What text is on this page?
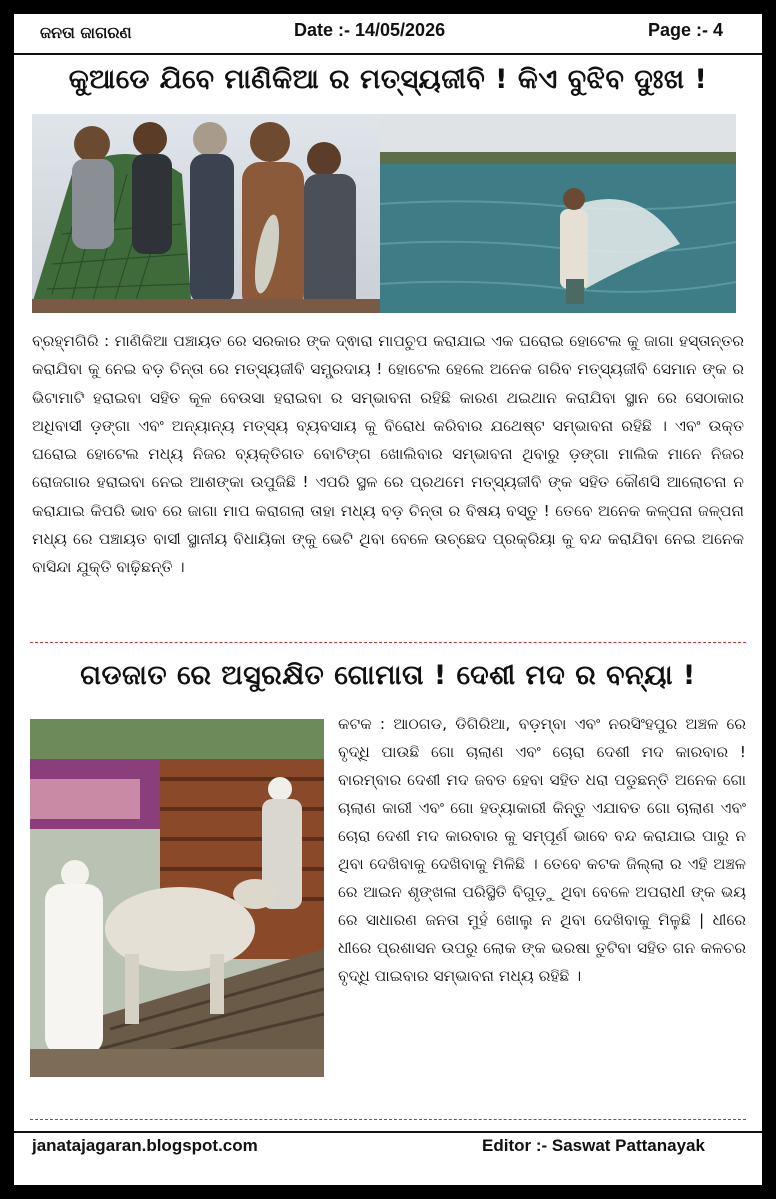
ଜନତା ଜାଗରଣ	Date :- 14/05/2026	Page :- 4
କୁଆଡେ ଯିବେ ମାଣିକିଆ ର ମତ୍ସ୍ୟଜୀବି ! କିଏ ବୁଝିବ ଦୁଃଖ !

ବ୍ରହ୍ମଗିରି : ମାଣିକିଆ ପଞ୍ଚାୟତ ରେ ସରକାର ଙ୍କ ଦ୍ଵାରା ମାପଚୁପ କରାଯାଇ ଏକ ଘରୋଇ ହୋଟେଲ କୁ ଜାଗା ହସ୍ତାନ୍ତର କରାଯିବା କୁ ନେଇ ବଡ଼ ଚିନ୍ତା ରେ ମତ୍ସ୍ୟଜୀବି ସମ୍ପ୍ରଦାୟ ! ହୋଟେଲ ହେଲେ ଅନେକ ଗରିବ ମତ୍ସ୍ୟଜୀବି ସେମାନ ଙ୍କ ର ଭିଟାମାଟି ହରାଇବା ସହିତ କୂଳ ବେଉସା ହରାଇବା ର ସମ୍ଭାବନା ରହିଛି କାରଣ ଥଇଥାନ କରାଯିବା ସ୍ଥାନ ରେ ସେଠାକାର ଅଧିବାସୀ ଡ଼ଙ୍ଗା ଏବଂ ଅନ୍ୟାନ୍ୟ ମତ୍ସ୍ୟ ବ୍ୟବସାୟ କୁ ବିରୋଧ କରିବାର ଯଥେଷ୍ଟ ସମ୍ଭାବନା ରହିଛି । ଏବଂ ଉକ୍ତ ଘରୋଇ ହୋଟେଲ ମଧ୍ୟ ନିଜର ବ୍ୟକ୍ତିଗତ ବୋଟିଙ୍ଗ ଖୋଲିବାର ସମ୍ଭାବନା ଥିବାରୁ ଡ଼ଙ୍ଗା ମାଲିକ ମାନେ ନିଜର ରୋଜଗାର ହରାଇବା ନେଇ ଆଶଙ୍କା ଉପୁଜିଛି ! ଏପରି ସ୍ଥଳ ରେ ପ୍ରଥମେ ମତ୍ସ୍ୟଜୀବି ଙ୍କ ସହିତ କୌଣସି ଆଲୋଚନା ନ କରାଯାଇ କିପରି ଭାବ ରେ ଜାଗା ମାପ କରାଗଲା ତାହା ମଧ୍ୟ ବଡ଼ ଚିନ୍ତା ର ବିଷୟ ବସ୍ତୁ ! ତେବେ ଅନେକ କଳ୍ପନା ଜଳ୍ପନା ମଧ୍ୟ ରେ ପଞ୍ଚାୟତ ବାସୀ ସ୍ଥାନୀୟ ବିଧାୟିକା ଙ୍କୁ ଭେଟି ଥିବା ବେଳେ ଉଚ୍ଛେଦ ପ୍ରକ୍ରିୟା କୁ ବନ୍ଦ କରାଯିବା ନେଇ ଅନେକ ବାସିନ୍ଦା ଯୁକ୍ତି ବାଢ଼ିଛନ୍ତି ।

ଗଡଜାତ ରେ ଅସୁରକ୍ଷିତ ଗୋମାତା ! ଦେଶୀ ମଦ ର ବନ୍ୟା !

କଟକ : ଆଠଗଡ, ଡିଗିରିଆ, ବଡ଼ମ୍ବା ଏବଂ ନରସିଂହପୁର ଅଞ୍ଚଳ ରେ ବୃଦ୍ଧି ପାଉଛି ଗୋ ଚାଲାଣ ଏବଂ ଚୋରା ଦେଶୀ ମଦ କାରବାର ! ବାରମ୍ବାର ଦେଶୀ ମଦ ଜବତ ହେବା ସହିତ ଧରା ପଡୁଛନ୍ତି ଅନେକ ଗୋ ଚାଲାଣ କାରୀ ଏବଂ ଗୋ ହତ୍ୟାକାରୀ କିନ୍ତୁ ଏଯାବତ ଗୋ ଚାଲାଣ ଏବଂ ଚୋରା ଦେଶୀ ମଦ କାରବାର କୁ ସମ୍ପୂର୍ଣ ଭାବେ ବନ୍ଦ କରାଯାଇ ପାରୁ ନ ଥିବା ଦେଖିବାକୁ ଦେଖିବାକୁ ମିଳିଛି । ତେବେ କଟକ ଜିଲ୍ଲା ର ଏହି ଅଞ୍ଚଳ ରେ ଆଇନ ଶୃଙ୍ଖଳା ପରିସ୍ଥିତି ବିଗୁଡ଼ୁ ଥିବା ବେଳେ ଅପରାଧୀ ଙ୍କ ଭୟ ରେ ସାଧାରଣ ଜନତା ମୁହଁ ଖୋଲୁ ନ ଥିବା ଦେଖିବାକୁ ମିଳୁଛି | ଧୀରେ ଧୀରେ ପ୍ରଶାସନ ଉପରୁ ଲୋକ ଙ୍କ ଭରଷା ତୁଟିବା ସହିତ ଗନ କଳଚର ବୃଦ୍ଧି ପାଇବାର ସମ୍ଭାବନା ମଧ୍ୟ ରହିଛି ।

janatajagaran.blogspot.com	Editor :- Saswat Pattanayak
